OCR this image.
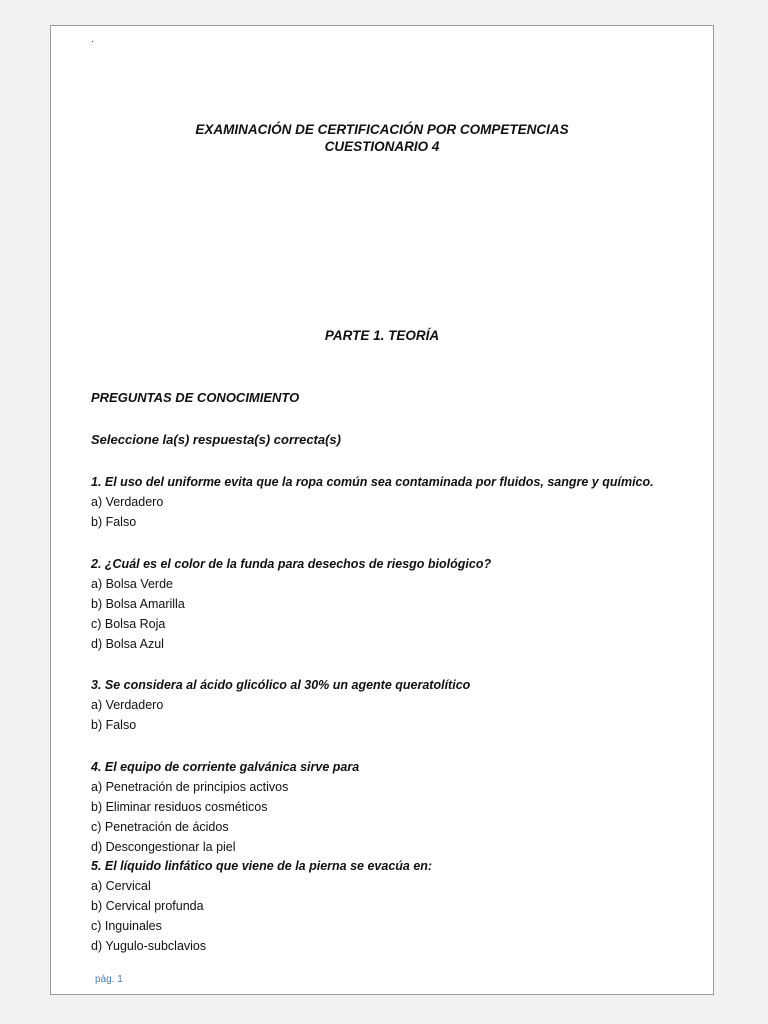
·
EXAMINACIÓN DE CERTIFICACIÓN POR COMPETENCIAS
CUESTIONARIO 4
PARTE 1. TEORÍA
PREGUNTAS DE CONOCIMIENTO
Seleccione la(s) respuesta(s) correcta(s)

1. El uso del uniforme evita que la ropa común sea contaminada por fluidos, sangre y químico.

a) Verdadero

b) Falso

2. ¿Cuál es el color de la funda para desechos de riesgo biológico?

a) Bolsa Verde

b) Bolsa Amarilla

c) Bolsa Roja

d) Bolsa Azul

3. Se considera al ácido glicólico al 30% un agente queratolítico

a) Verdadero

b) Falso

4. El equipo de corriente galvánica sirve para

a) Penetración de principios activos

b) Eliminar residuos cosméticos

c) Penetración de ácidos

d) Descongestionar la piel

5. El líquido linfático que viene de la pierna se evacúa en:

a) Cervical

b) Cervical profunda

c) Inguinales

d) Yugulo-subclavios

pág. 1
